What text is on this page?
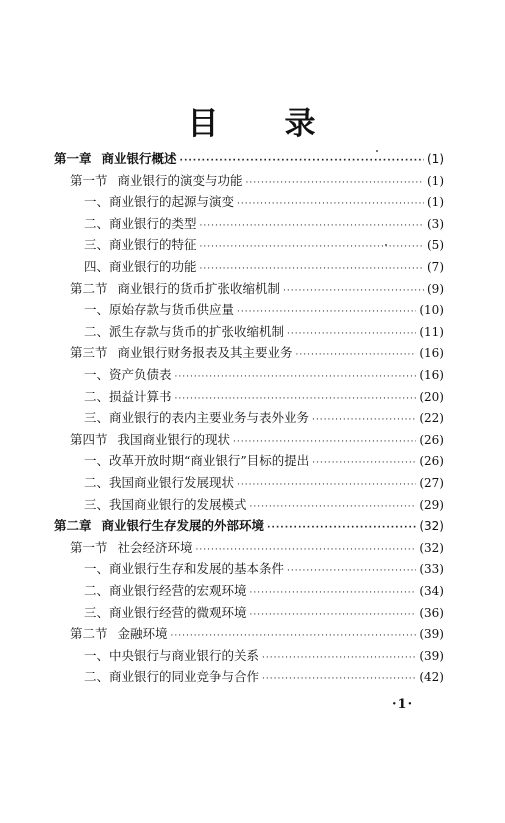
目 录
第一章 商业银行概述 ·····	(1)
第一节 商业银行的演变与功能 ·····	(1)
一、商业银行的起源与演变 ·····	(1)
二、商业银行的类型 ·····	(3)
三、商业银行的特征 ·····	(5)
四、商业银行的功能 ·····	(7)
第二节 商业银行的货币扩张收缩机制 ·····	(9)
一、原始存款与货币供应量 ·····	(10)
二、派生存款与货币的扩张收缩机制 ·····	(11)
第三节 商业银行财务报表及其主要业务 ·····	(16)
一、资产负债表 ·····	(16)
二、损益计算书 ·····	(20)
三、商业银行的表内主要业务与表外业务 ·····	(22)
第四节 我国商业银行的现状 ·····	(26)
一、改革开放时期“商业银行”目标的提出 ·····	(26)
二、我国商业银行发展现状 ·····	(27)
三、我国商业银行的发展模式 ·····	(29)
第二章 商业银行生存发展的外部环境 ·····	(32)
第一节 社会经济环境 ·····	(32)
一、商业银行生存和发展的基本条件 ·····	(33)
二、商业银行经营的宏观环境 ·····	(34)
三、商业银行经营的微观环境 ·····	(36)
第二节 金融环境 ·····	(39)
一、中央银行与商业银行的关系 ·····	(39)
二、商业银行的同业竞争与合作 ·····	(42)
·1·
